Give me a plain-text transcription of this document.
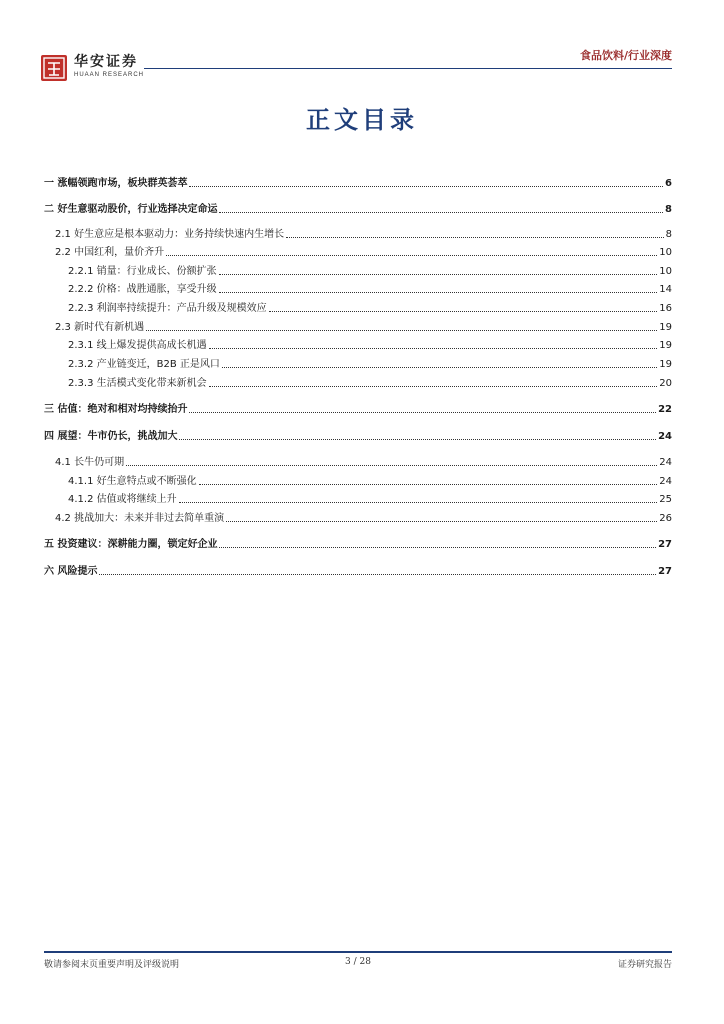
华安证券
HUAAN RESEARCH
食品饮料/行业深度
正文目录
一 涨幅领跑市场，板块群英荟萃	6
二 好生意驱动股价，行业选择决定命运	8
2.1 好生意应是根本驱动力：业务持续快速内生增长	8
2.2 中国红利，量价齐升	10
2.2.1 销量：行业成长、份额扩张	10
2.2.2 价格：战胜通胀，享受升级	14
2.2.3 利润率持续提升：产品升级及规模效应	16
2.3 新时代有新机遇	19
2.3.1 线上爆发提供高成长机遇	19
2.3.2 产业链变迁，B2B 正是风口	19
2.3.3 生活模式变化带来新机会	20
三 估值：绝对和相对均持续抬升	22
四 展望：牛市仍长，挑战加大	24
4.1 长牛仍可期	24
4.1.1 好生意特点或不断强化	24
4.1.2 估值或将继续上升	25
4.2 挑战加大：未来并非过去简单重演	26
五 投资建议：深耕能力圈，锁定好企业	27
六 风险提示	27
敬请参阅末页重要声明及评级说明	3 / 28	证券研究报告
